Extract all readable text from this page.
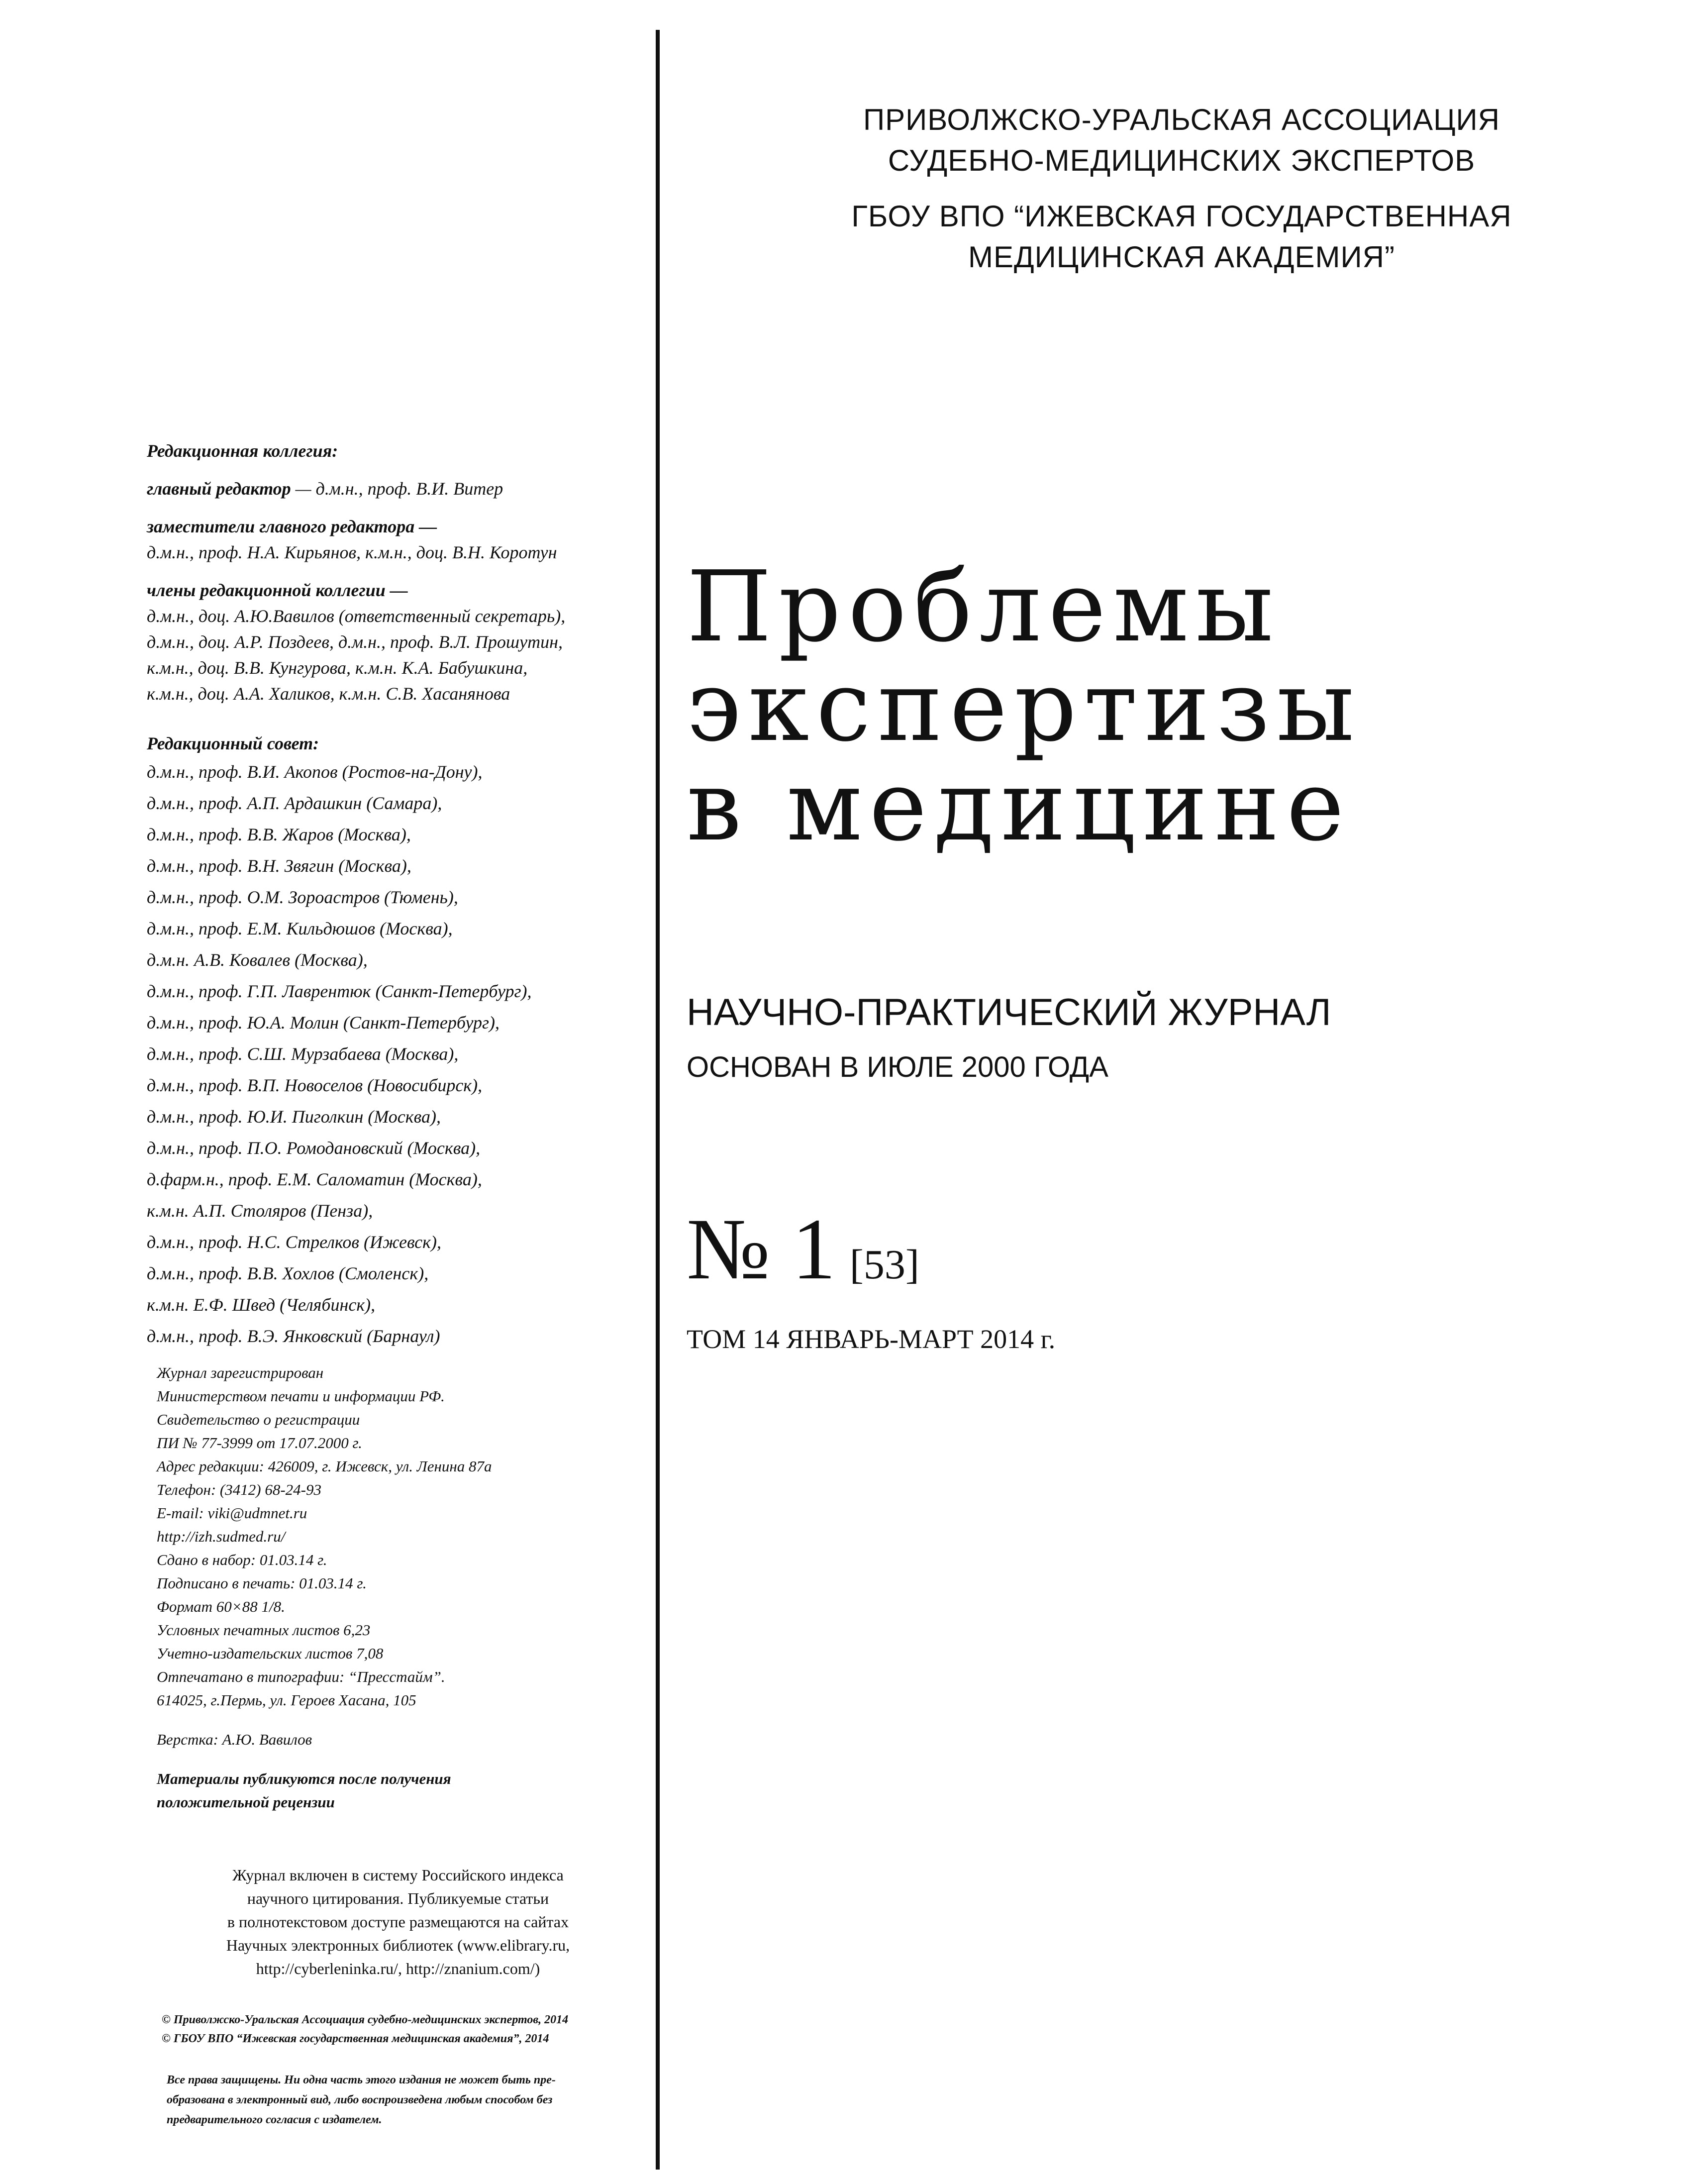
ПРИВОЛЖСКО-УРАЛЬСКАЯ АССОЦИАЦИЯ
СУДЕБНО-МЕДИЦИНСКИХ ЭКСПЕРТОВ
ГБОУ ВПО “ИЖЕВСКАЯ ГОСУДАРСТВЕННАЯ
МЕДИЦИНСКАЯ АКАДЕМИЯ”
Проблемы
экспертизы
в медицине
НАУЧНО-ПРАКТИЧЕСКИЙ ЖУРНАЛ
ОСНОВАН В ИЮЛЕ 2000 ГОДА
№ 1 [53]
ТОМ 14 ЯНВАРЬ-МАРТ 2014 г.
Редакционная коллегия:
главный редактор — д.м.н., проф. В.И. Витер
заместители главного редактора —
д.м.н., проф. Н.А. Кирьянов, к.м.н., доц. В.Н. Коротун
члены редакционной коллегии —
д.м.н., доц. А.Ю.Вавилов (ответственный секретарь),
д.м.н., доц. А.Р. Поздеев, д.м.н., проф. В.Л. Прошутин,
к.м.н., доц. В.В. Кунгурова, к.м.н. К.А. Бабушкина,
к.м.н., доц. А.А. Халиков, к.м.н. С.В. Хасанянова
Редакционный совет:
д.м.н., проф. В.И. Акопов (Ростов-на-Дону),
д.м.н., проф. А.П. Ардашкин (Самара),
д.м.н., проф. В.В. Жаров (Москва),
д.м.н., проф. В.Н. Звягин (Москва),
д.м.н., проф. О.М. Зороастров (Тюмень),
д.м.н., проф. Е.М. Кильдюшов (Москва),
д.м.н. А.В. Ковалев (Москва),
д.м.н., проф. Г.П. Лаврентюк (Санкт-Петербург),
д.м.н., проф. Ю.А. Молин (Санкт-Петербург),
д.м.н., проф. С.Ш. Мурзабаева (Москва),
д.м.н., проф. В.П. Новоселов (Новосибирск),
д.м.н., проф. Ю.И. Пиголкин (Москва),
д.м.н., проф. П.О. Ромодановский (Москва),
д.фарм.н., проф. Е.М. Саломатин (Москва),
к.м.н. А.П. Столяров (Пенза),
д.м.н., проф. Н.С. Стрелков (Ижевск),
д.м.н., проф. В.В. Хохлов (Смоленск),
к.м.н. Е.Ф. Швед (Челябинск),
д.м.н., проф. В.Э. Янковский (Барнаул)
Журнал зарегистрирован
Министерством печати и информации РФ.
Свидетельство о регистрации
ПИ № 77-3999 от 17.07.2000 г.
Адрес редакции: 426009, г. Ижевск, ул. Ленина 87а
Телефон: (3412) 68-24-93
E-mail: viki@udmnet.ru
http://izh.sudmed.ru/
Сдано в набор: 01.03.14 г.
Подписано в печать: 01.03.14 г.
Формат 60×88 1/8.
Условных печатных листов 6,23
Учетно-издательских листов 7,08
Отпечатано в типографии: “Пресстайм”.
614025, г.Пермь, ул. Героев Хасана, 105
Верстка: А.Ю. Вавилов
Материалы публикуются после получения
положительной рецензии
Журнал включен в систему Российского индекса
научного цитирования. Публикуемые статьи
в полнотекстовом доступе размещаются на сайтах
Научных электронных библиотек (www.elibrary.ru,
http://cyberleninka.ru/, http://znanium.com/)
© Приволжско-Уральская Ассоциация судебно-медицинских экспертов, 2014
© ГБОУ ВПО “Ижевская государственная медицинская академия”, 2014
Все права защищены. Ни одна часть этого издания не может быть пре-
образована в электронный вид, либо воспроизведена любым способом без
предварительного согласия с издателем.
